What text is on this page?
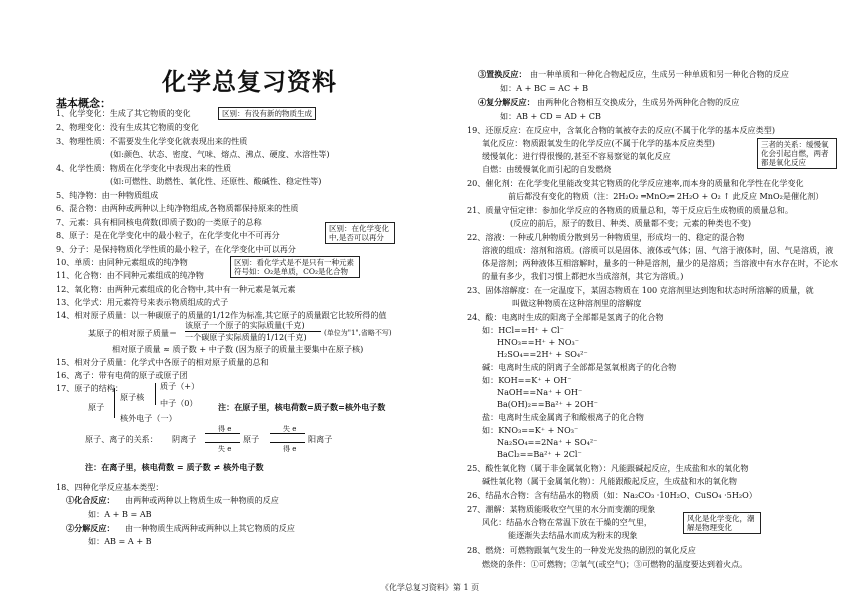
化学总复习资料
基本概念：
1、化学变化：生成了其它物质的变化	区别：有没有新的物质生成
2、物理变化：没有生成其它物质的变化
3、物理性质：不需要发生化学变化就表现出来的性质
(如:颜色、状态、密度、气味、熔点、沸点、硬度、水溶性等)
4、化学性质：物质在化学变化中表现出来的性质
(如:可燃性、助燃性、氧化性、还原性、酸碱性、稳定性等)
5、纯净物：由一种物质组成
6、混合物：由两种或两种以上纯净物组成,各物质都保持原来的性质
7、元素：具有相同核电荷数(即质子数)的一类原子的总称
8、原子：是在化学变化中的最小粒子，在化学变化中不可再分
区别：在化学变化中,是否可以再分
9、分子：是保持物质化学性质的最小粒子，在化学变化中可以再分
10、单质：由同种元素组成的纯净物	区别：看化学式是不是只有一种元素符号如：O₂是单质，CO₂是化合物
11、化合物：由不同种元素组成的纯净物
12、氧化物：由两种元素组成的化合物中,其中有一种元素是氧元素
13、化学式：用元素符号来表示物质组成的式子
14、相对原子质量：以一种碳原子的质量的1/12作为标准,其它原子的质量跟它比较所得的值
某原子的相对原子质量＝
该原子一个原子的实际质量(千克)
一个碳原子实际质量的1/12(千克) (单位为"1",省略不写)
相对原子质量 ≈ 质子数 + 中子数 (因为原子的质量主要集中在原子核)
15、相对分子质量：化学式中各原子的相对原子质量的总和
16、离子：带有电荷的原子或原子团
17、原子的结构：
原子
原子核
质子（+）
中子（0）
核外电子（一）
注：在原子里，核电荷数=质子数=核外电子数
原子、离子的关系： 阴离子
得 e
失 e
原子
失 e
得 e
阳离子
注：在离子里，核电荷数 = 质子数 ≠ 核外电子数
18、四种化学反应基本类型：
①化合反应： 由两种或两种以上物质生成一种物质的反应
如：A + B = AB
②分解反应： 由一种物质生成两种或两种以上其它物质的反应
如：AB = A + B
③置换反应： 由一种单质和一种化合物起反应，生成另一种单质和另一种化合物的反应
如：A + BC = AC + B
④复分解反应： 由两种化合物相互交换成分，生成另外两种化合物的反应
如：AB + CD = AD + CB
19、还原反应：在反应中，含氧化合物的氧被夺去的反应(不属于化学的基本反应类型)
氧化反应：物质跟氧发生的化学反应(不属于化学的基本反应类型)
缓慢氧化：进行得很慢的,甚至不容易察觉的氧化反应
自燃：由缓慢氧化而引起的自发燃烧
三者的关系：缓慢氧化会引起自燃，两者都是氧化反应
20、催化剂：在化学变化里能改变其它物质的化学反应速率,而本身的质量和化学性在化学变化
前后都没有变化的物质（注：2H₂O₂ ═MnO₂═ 2H₂O + O₂ ↑ 此反应 MnO₂是催化剂）
21、质量守恒定律：参加化学反应的各物质的质量总和，等于反应后生成物质的质量总和。
(反应的前后，原子的数目、种类、质量都不变；元素的种类也不变)
22、溶液：一种或几种物质分散到另一种物质里，形成均一的、稳定的混合物
溶液的组成：溶剂和溶质。(溶质可以是固体、液体或气体；固、气溶于液体时，固、气是溶质，液
体是溶剂；两种液体互相溶解时，量多的一种是溶剂，量少的是溶质；当溶液中有水存在时，不论水
的量有多少，我们习惯上都把水当成溶剂，其它为溶质。)
23、固体溶解度：在一定温度下，某固态物质在 100 克溶剂里达到饱和状态时所溶解的质量，就
叫做这种物质在这种溶剂里的溶解度
24、酸：电离时生成的阳离子全部都是氢离子的化合物
如：HCl==H⁺ + Cl⁻
HNO₃==H⁺ + NO₃⁻
H₂SO₄==2H⁺ + SO₄²⁻
碱：电离时生成的阴离子全部都是氢氧根离子的化合物
如：KOH==K⁺ + OH⁻
NaOH==Na⁺ + OH⁻
Ba(OH)₂==Ba²⁺ + 2OH⁻
盐：电离时生成金属离子和酸根离子的化合物
如：KNO₃==K⁺ + NO₃⁻
Na₂SO₄==2Na⁺ + SO₄²⁻
BaCl₂==Ba²⁺ + 2Cl⁻
25、酸性氧化物（属于非金属氧化物）：凡能跟碱起反应，生成盐和水的氧化物
碱性氧化物（属于金属氧化物）：凡能跟酸起反应，生成盐和水的氧化物
26、结晶水合物：含有结晶水的物质（如：Na₂CO₃ ·10H₂O、CuSO₄ ·5H₂O）
27、潮解：某物质能吸收空气里的水分而变潮的现象
风化：结晶水合物在常温下放在干燥的空气里，
能逐渐失去结晶水而成为粉末的现象
风化是化学变化，潮解是物理变化
28、燃烧：可燃物跟氧气发生的一种发光发热的剧烈的氧化反应
燃烧的条件：①可燃物；②氧气(或空气)；③可燃物的温度要达到着火点。
《化学总复习资料》第 1 页
